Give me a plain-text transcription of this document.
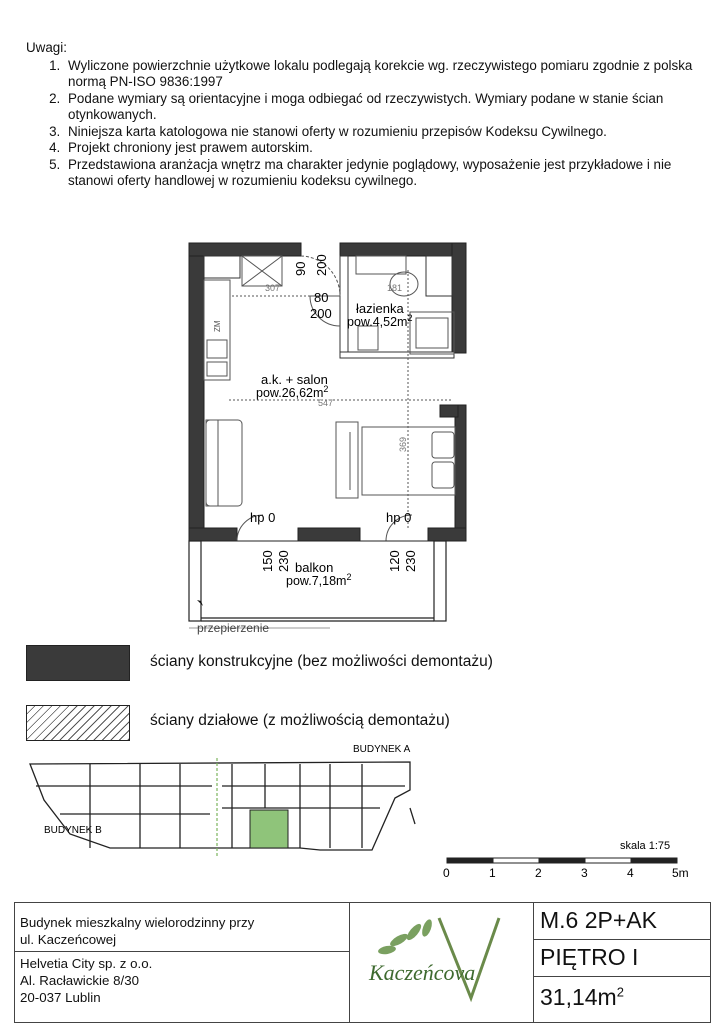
Uwagi:
1. Wyliczone powierzchnie użytkowe lokalu podlegają korekcie wg. rzeczywistego pomiaru zgodnie z polska normą PN-ISO 9836:1997
2. Podane wymiary są orientacyjne i moga odbiegać od rzeczywistych. Wymiary podane w stanie ścian otynkowanych.
3. Niniejsza karta katologowa nie stanowi oferty w rozumieniu przepisów Kodeksu Cywilnego.
4. Projekt chroniony jest prawem autorskim.
5. Przedstawiona aranżacja wnętrz ma charakter jedynie poglądowy, wyposażenie jest przykładowe i nie stanowi oferty handlowej w rozumieniu kodeksu cywilnego.
90 200
307	181
80
200 łazienka
$pow.4,52m^2$
ZM
a.k. + salon
$pow.26,62m^2$
547
369
hp 0	hp 0
150 230	120 230
balkon
$pow.7,18m^2$
przepierzenie
ściany konstrukcyjne (bez możliwości demontażu)
ściany działowe (z możliwością demontażu)
BUDYNEK A
BUDYNEK B
skala 1:75
0	1	2	3	4	5m
Budynek mieszkalny wielorodzinny przy
ul. Kaczeńcowej
Helvetia City sp. z o.o.
Al. Racławickie 8/30
20-037 Lublin
Kaczeńcova
M.6 2P+AK
PIĘTRO I
$31,14m^2$
